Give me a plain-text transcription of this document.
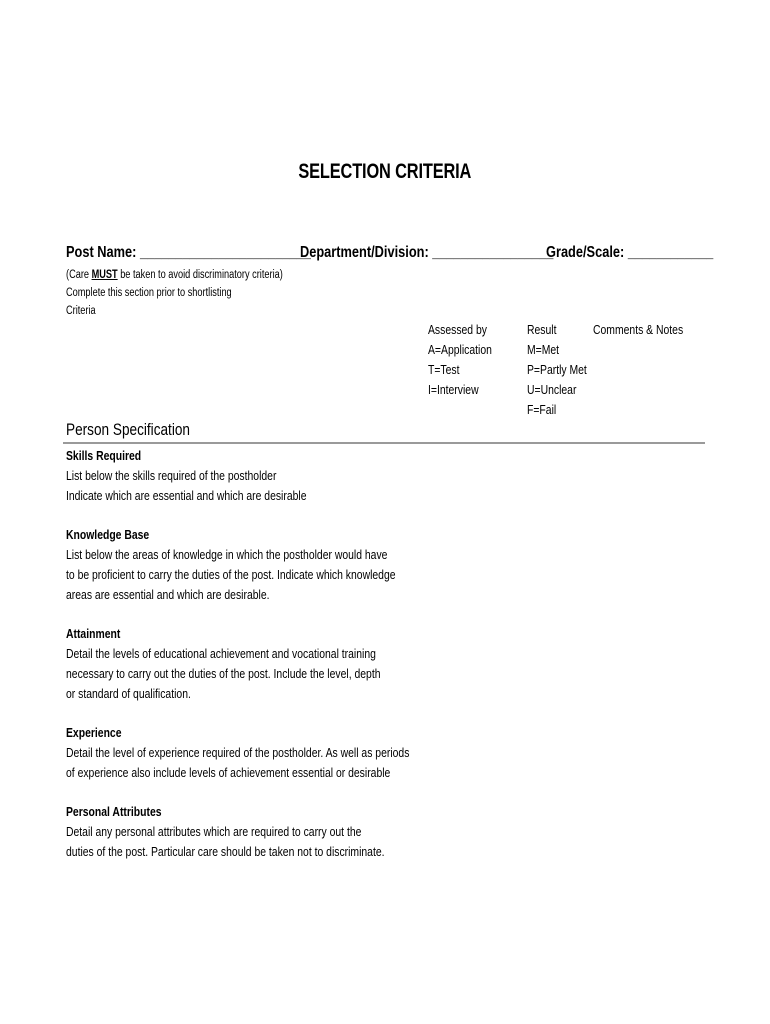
SELECTION CRITERIA
Post Name: ________________________
Department/Division: _________________
Grade/Scale: ____________
(Care MUST be taken to avoid discriminatory criteria)
Complete this section prior to shortlisting
Criteria
Assessed by
A=Application
T=Test
I=Interview
Result
M=Met
P=Partly Met
U=Unclear
F=Fail
Comments & Notes
Person Specification
Skills Required
List below the skills required of the postholder
Indicate which are essential and which are desirable
Knowledge Base
List below the areas of knowledge in which the postholder would have
to be proficient to carry the duties of the post. Indicate which knowledge
areas are essential and which are desirable.
Attainment
Detail the levels of educational achievement and vocational training
necessary to carry out the duties of the post. Include the level, depth
or standard of qualification.
Experience
Detail the level of experience required of the postholder. As well as periods
of experience also include levels of achievement essential or desirable
Personal Attributes
Detail any personal attributes which are required to carry out the
duties of the post. Particular care should be taken not to discriminate.
